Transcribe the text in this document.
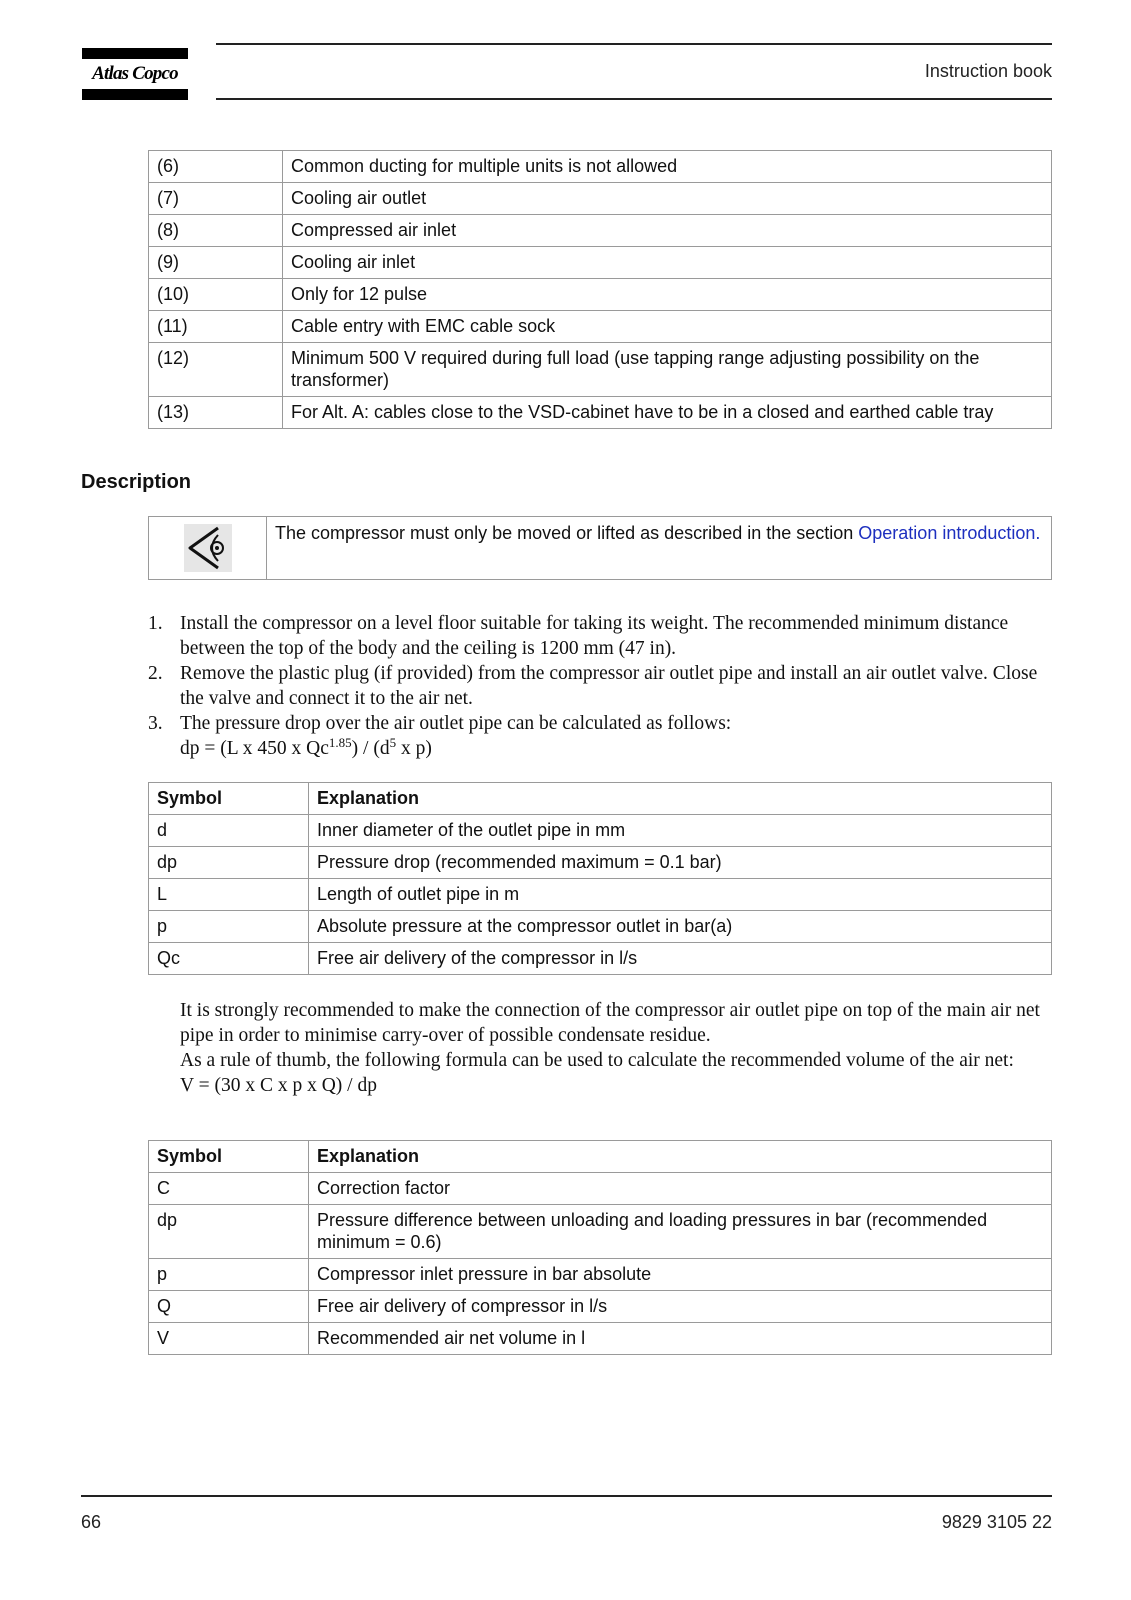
Atlas Copco	Instruction book
(6)	Common ducting for multiple units is not allowed
(7)	Cooling air outlet
(8)	Compressed air inlet
(9)	Cooling air inlet
(10)	Only for 12 pulse
(11)	Cable entry with EMC cable sock
(12)	Minimum 500 V required during full load (use tapping range adjusting possibility on the transformer)
(13)	For Alt. A: cables close to the VSD-cabinet have to be in a closed and earthed cable tray
Description
	The compressor must only be moved or lifted as described in the section Operation introduction.
1. Install the compressor on a level floor suitable for taking its weight. The recommended minimum distance between the top of the body and the ceiling is 1200 mm (47 in).
2. Remove the plastic plug (if provided) from the compressor air outlet pipe and install an air outlet valve. Close the valve and connect it to the air net.
3. The pressure drop over the air outlet pipe can be calculated as follows:
dp = (L x 450 x $Qc^{1.85}) / (d^5$ x p)
Symbol	Explanation
d	Inner diameter of the outlet pipe in mm
dp	Pressure drop (recommended maximum = 0.1 bar)
L	Length of outlet pipe in m
p	Absolute pressure at the compressor outlet in bar(a)
Qc	Free air delivery of the compressor in l/s
It is strongly recommended to make the connection of the compressor air outlet pipe on top of the main air net pipe in order to minimise carry-over of possible condensate residue.
As a rule of thumb, the following formula can be used to calculate the recommended volume of the air net:
V = (30 x C x p x Q) / dp
Symbol	Explanation
C	Correction factor
dp	Pressure difference between unloading and loading pressures in bar (recommended minimum = 0.6)
p	Compressor inlet pressure in bar absolute
Q	Free air delivery of compressor in l/s
V	Recommended air net volume in l
66	9829 3105 22
